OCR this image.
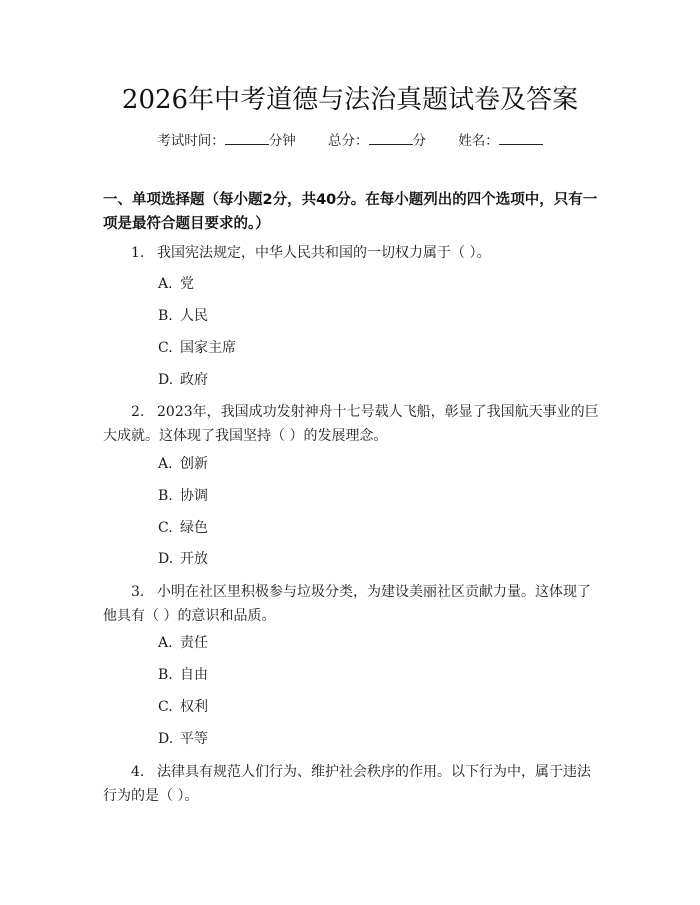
2026年中考道德与法治真题试卷及答案
考试时间：	分钟 总分：	分 姓名：
一、单项选择题（每小题2分，共40分。在每小题列出的四个选项中，只有一项是最符合题目要求的。）
1. 我国宪法规定，中华人民共和国的一切权力属于（ ）。
A. 党
B. 人民
C. 国家主席
D. 政府
2. 2023年，我国成功发射神舟十七号载人飞船，彰显了我国航天事业的巨大成就。这体现了我国坚持（ ）的发展理念。
A. 创新
B. 协调
C. 绿色
D. 开放
3. 小明在社区里积极参与垃圾分类，为建设美丽社区贡献力量。这体现了他具有（ ）的意识和品质。
A. 责任
B. 自由
C. 权利
D. 平等
4. 法律具有规范人们行为、维护社会秩序的作用。以下行为中，属于违法行为的是（ ）。
